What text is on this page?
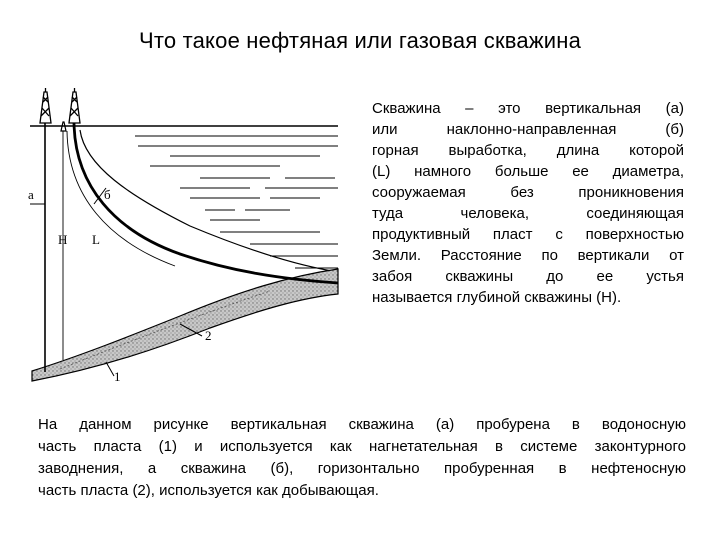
Что такое нефтяная или газовая скважина
а	б
H L
2
1
Скважина – это вертикальная (а)
или наклонно-направленная (б)
горная выработка, длина которой
(L) намного больше ее диаметра,
сооружаемая без проникновения
туда человека, соединяющая
продуктивный пласт с поверхностью
Земли. Расстояние по вертикали от
забоя скважины до ее устья
называется глубиной скважины (H).
На данном рисунке вертикальная скважина (а) пробурена в водоносную
часть пласта (1) и используется как нагнетательная в системе законтурного
заводнения, а скважина (б), горизонтально пробуренная в нефтеносную
часть пласта (2), используется как добывающая.
